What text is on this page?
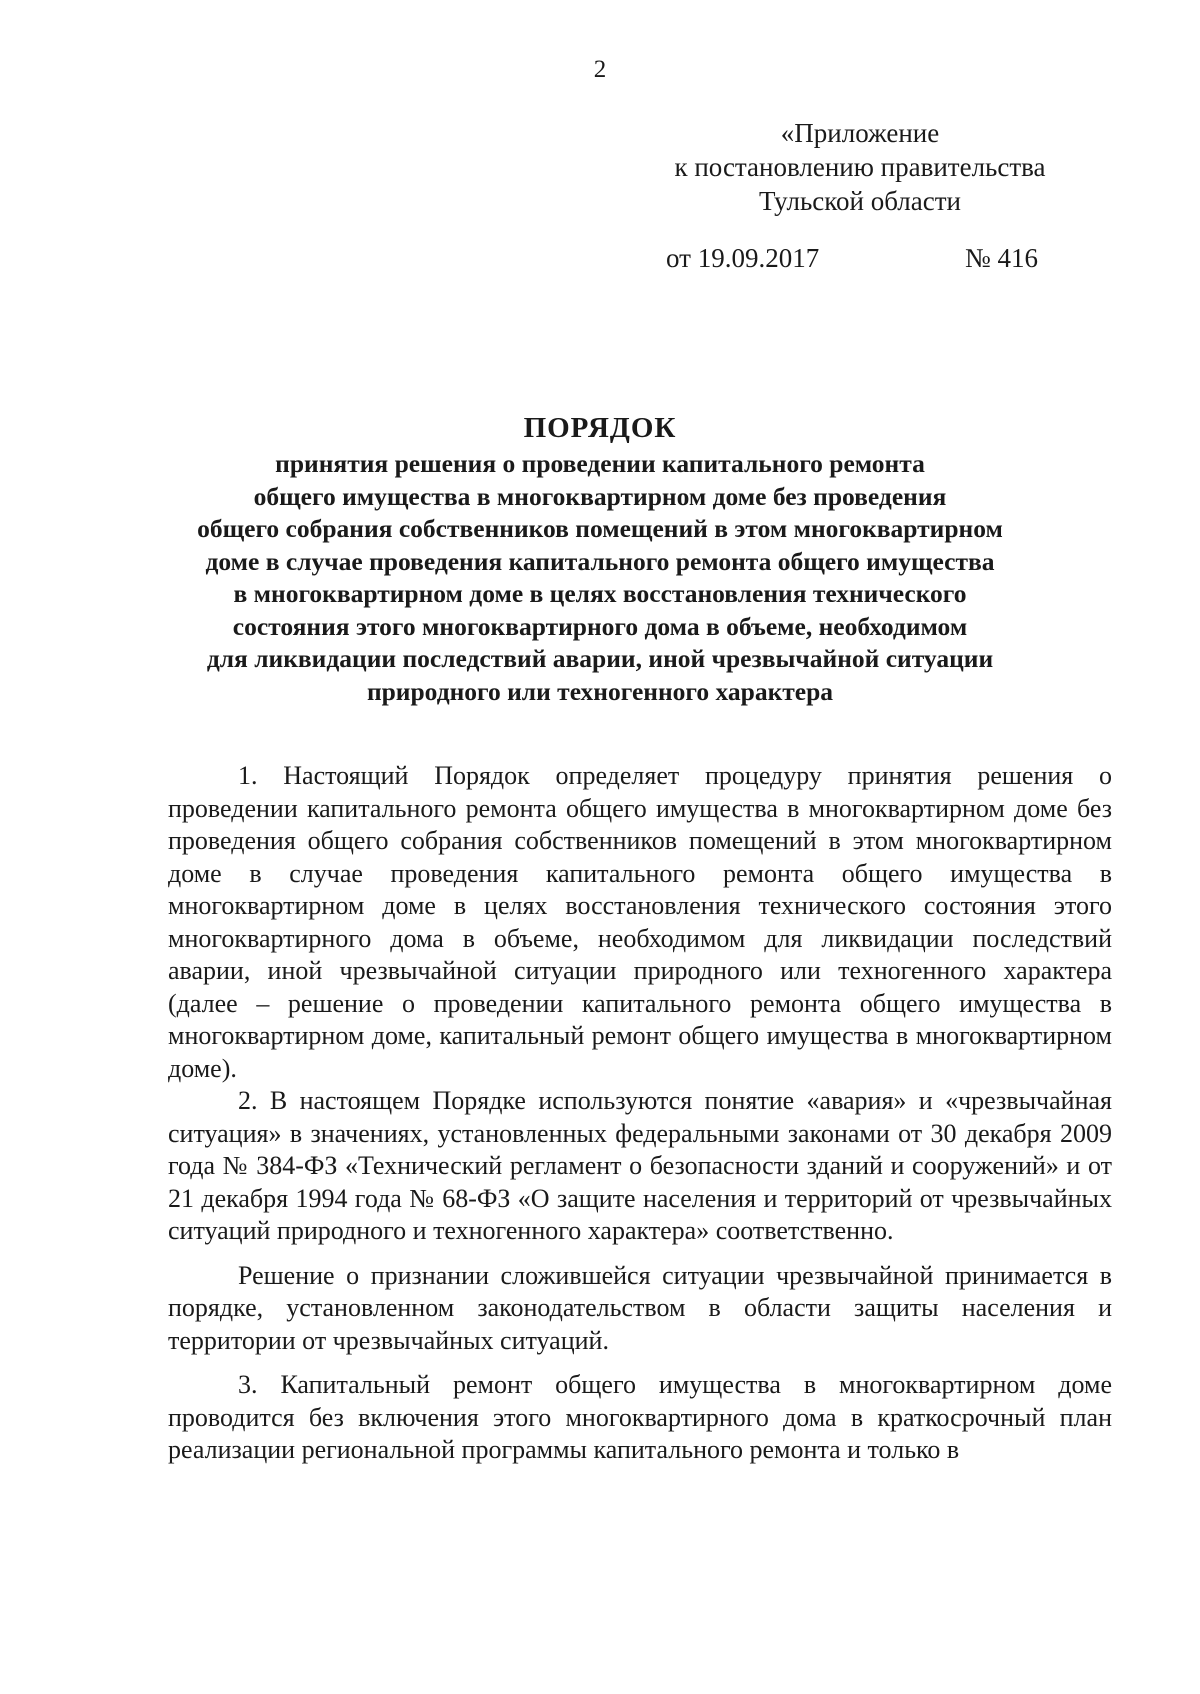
2
«Приложение
к постановлению правительства
Тульской области
от 19.09.2017	№ 416
ПОРЯДОК
принятия решения о проведении капитального ремонта
общего имущества в многоквартирном доме без проведения
общего собрания собственников помещений в этом многоквартирном
доме в случае проведения капитального ремонта общего имущества
в многоквартирном доме в целях восстановления технического
состояния этого многоквартирного дома в объеме, необходимом
для ликвидации последствий аварии, иной чрезвычайной ситуации
природного или техногенного характера

1. Настоящий Порядок определяет процедуру принятия решения о проведении капитального ремонта общего имущества в многоквартирном доме без проведения общего собрания собственников помещений в этом многоквартирном доме в случае проведения капитального ремонта общего имущества в многоквартирном доме в целях восстановления технического состояния этого многоквартирного дома в объеме, необходимом для ликвидации последствий аварии, иной чрезвычайной ситуации природного или техногенного характера (далее – решение о проведении капитального ремонта общего имущества в многоквартирном доме, капитальный ремонт общего имущества в многоквартирном доме).

2. В настоящем Порядке используются понятие «авария» и «чрезвычайная ситуация» в значениях, установленных федеральными законами от 30 декабря 2009 года № 384-ФЗ «Технический регламент о безопасности зданий и сооружений» и от 21 декабря 1994 года № 68-ФЗ «О защите населения и территорий от чрезвычайных ситуаций природного и техногенного характера» соответственно.

Решение о признании сложившейся ситуации чрезвычайной принимается в порядке, установленном законодательством в области защиты населения и территории от чрезвычайных ситуаций.

3. Капитальный ремонт общего имущества в многоквартирном доме проводится без включения этого многоквартирного дома в краткосрочный план реализации региональной программы капитального ремонта и только в
